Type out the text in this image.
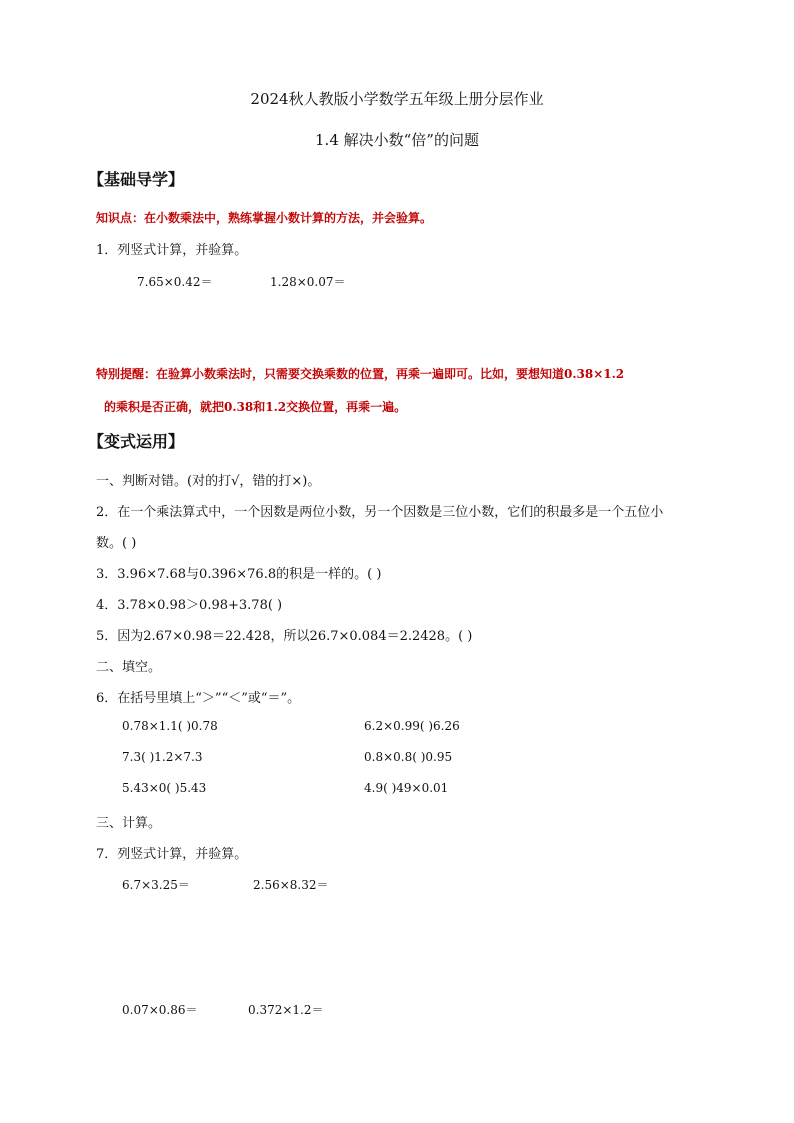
2024秋人教版小学数学五年级上册分层作业
1.4 解决小数“倍”的问题
【基础导学】
知识点：在小数乘法中，熟练掌握小数计算的方法，并会验算。
1．列竖式计算，并验算。
7.65×0.42＝	1.28×0.07＝
特别提醒：在验算小数乘法时，只需要交换乘数的位置，再乘一遍即可。比如，要想知道0.38×1.2
的乘积是否正确，就把0.38和1.2交换位置，再乘一遍。
【变式运用】
一、判断对错。(对的打√，错的打×)。
2．在一个乘法算式中，一个因数是两位小数，另一个因数是三位小数，它们的积最多是一个五位小
数。( )
3．3.96×7.68与0.396×76.8的积是一样的。( )
4．3.78×0.98＞0.98+3.78( )
5．因为2.67×0.98＝22.428，所以26.7×0.084＝2.2428。( )
二、填空。
6．在括号里填上“＞”“＜”或“＝”。
0.78×1.1( )0.78	6.2×0.99( )6.26
7.3( )1.2×7.3	0.8×0.8( )0.95
5.43×0( )5.43	4.9( )49×0.01
三、计算。
7．列竖式计算，并验算。
6.7×3.25＝	2.56×8.32＝
0.07×0.86＝	0.372×1.2＝
